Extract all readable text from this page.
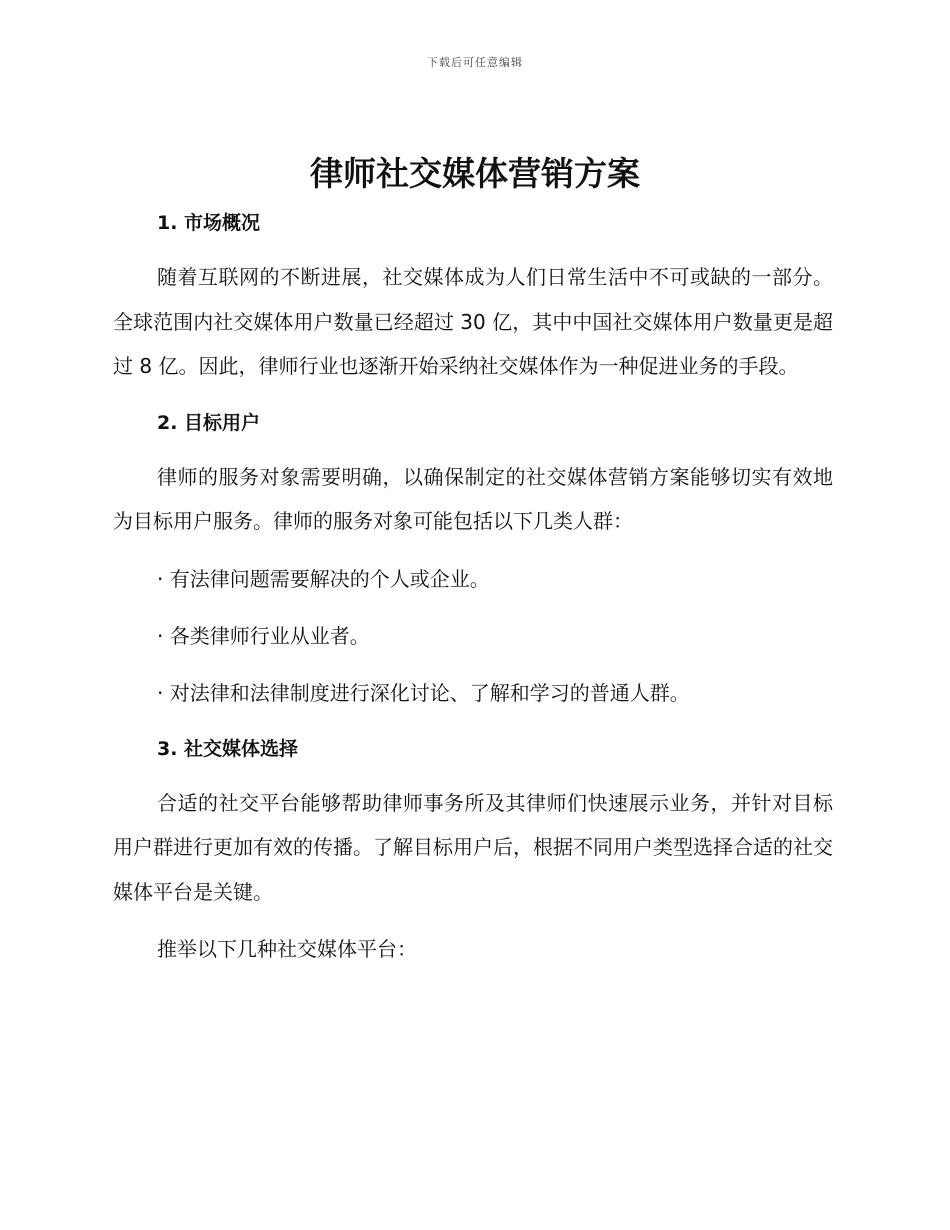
下载后可任意编辑
律师社交媒体营销方案
1. 市场概况

随着互联网的不断进展，社交媒体成为人们日常生活中不可或缺的一部分。全球范围内社交媒体用户数量已经超过 30 亿，其中中国社交媒体用户数量更是超过 8 亿。因此，律师行业也逐渐开始采纳社交媒体作为一种促进业务的手段。

2. 目标用户

律师的服务对象需要明确，以确保制定的社交媒体营销方案能够切实有效地为目标用户服务。律师的服务对象可能包括以下几类人群：

· 有法律问题需要解决的个人或企业。

· 各类律师行业从业者。

· 对法律和法律制度进行深化讨论、了解和学习的普通人群。

3. 社交媒体选择

合适的社交平台能够帮助律师事务所及其律师们快速展示业务，并针对目标用户群进行更加有效的传播。了解目标用户后，根据不同用户类型选择合适的社交媒体平台是关键。

推举以下几种社交媒体平台：
